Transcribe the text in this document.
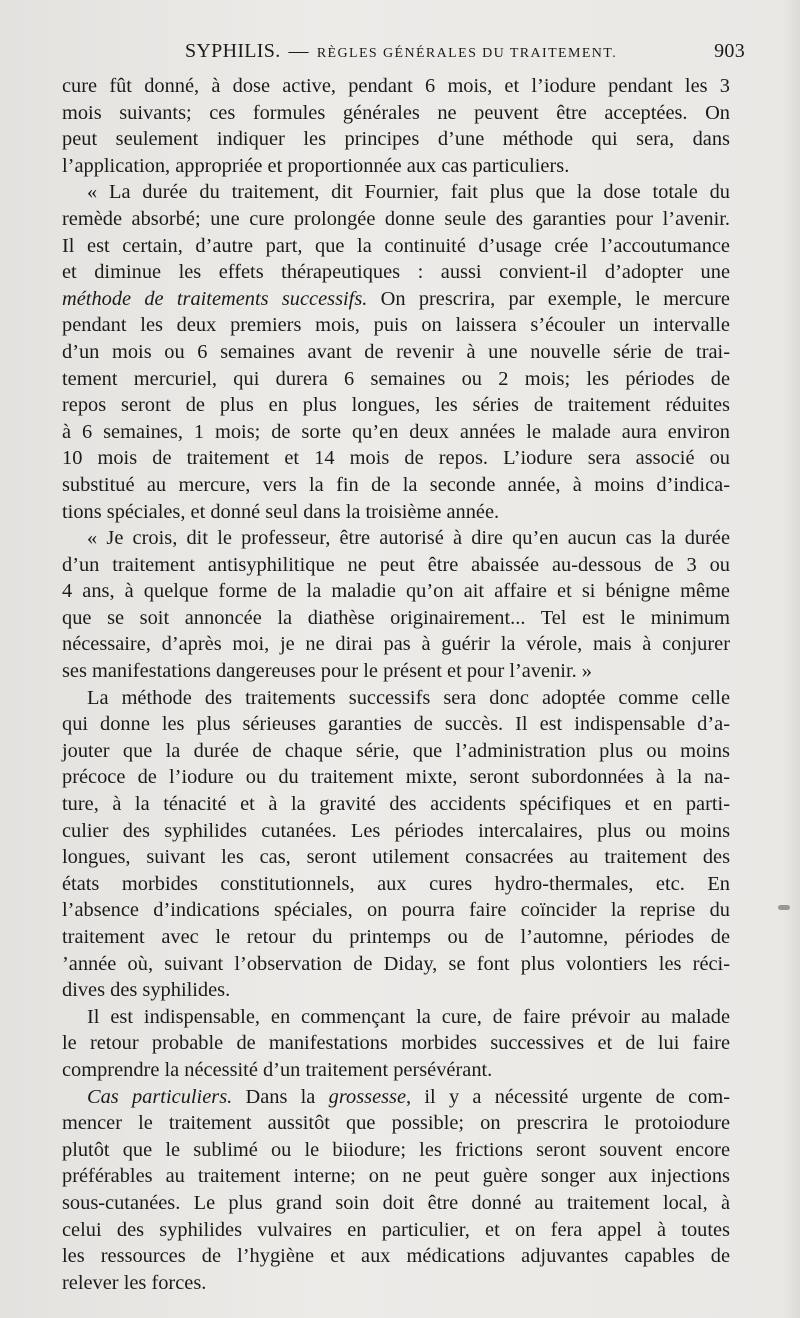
SYPHILIS. — RÈGLES GÉNÉRALES DU TRAITEMENT.	903

cure fût donné, à dose active, pendant 6 mois, et l’iodure pendant les 3
mois suivants; ces formules générales ne peuvent être acceptées. On
peut seulement indiquer les principes d’une méthode qui sera, dans
l’application, appropriée et proportionnée aux cas particuliers.

« La durée du traitement, dit Fournier, fait plus que la dose totale du
remède absorbé; une cure prolongée donne seule des garanties pour l’avenir.
Il est certain, d’autre part, que la continuité d’usage crée l’accoutumance
et diminue les effets thérapeutiques : aussi convient-il d’adopter une
méthode de traitements successifs. On prescrira, par exemple, le mercure
pendant les deux premiers mois, puis on laissera s’écouler un intervalle
d’un mois ou 6 semaines avant de revenir à une nouvelle série de trai-
tement mercuriel, qui durera 6 semaines ou 2 mois; les périodes de
repos seront de plus en plus longues, les séries de traitement réduites
à 6 semaines, 1 mois; de sorte qu’en deux années le malade aura environ
10 mois de traitement et 14 mois de repos. L’iodure sera associé ou
substitué au mercure, vers la fin de la seconde année, à moins d’indica-
tions spéciales, et donné seul dans la troisième année.

« Je crois, dit le professeur, être autorisé à dire qu’en aucun cas la durée
d’un traitement antisyphilitique ne peut être abaissée au-dessous de 3 ou
4 ans, à quelque forme de la maladie qu’on ait affaire et si bénigne même
que se soit annoncée la diathèse originairement... Tel est le minimum
nécessaire, d’après moi, je ne dirai pas à guérir la vérole, mais à conjurer
ses manifestations dangereuses pour le présent et pour l’avenir. »

La méthode des traitements successifs sera donc adoptée comme celle
qui donne les plus sérieuses garanties de succès. Il est indispensable d’a-
jouter que la durée de chaque série, que l’administration plus ou moins
précoce de l’iodure ou du traitement mixte, seront subordonnées à la na-
ture, à la ténacité et à la gravité des accidents spécifiques et en parti-
culier des syphilides cutanées. Les périodes intercalaires, plus ou moins
longues, suivant les cas, seront utilement consacrées au traitement des
états morbides constitutionnels, aux cures hydro-thermales, etc. En
l’absence d’indications spéciales, on pourra faire coïncider la reprise du
traitement avec le retour du printemps ou de l’automne, périodes de
’année où, suivant l’observation de Diday, se font plus volontiers les réci-
dives des syphilides.

Il est indispensable, en commençant la cure, de faire prévoir au malade
le retour probable de manifestations morbides successives et de lui faire
comprendre la nécessité d’un traitement persévérant.

Cas particuliers. Dans la grossesse, il y a nécessité urgente de com-
mencer le traitement aussitôt que possible; on prescrira le protoiodure
plutôt que le sublimé ou le biiodure; les frictions seront souvent encore
préférables au traitement interne; on ne peut guère songer aux injections
sous-cutanées. Le plus grand soin doit être donné au traitement local, à
celui des syphilides vulvaires en particulier, et on fera appel à toutes
les ressources de l’hygiène et aux médications adjuvantes capables de
relever les forces.
